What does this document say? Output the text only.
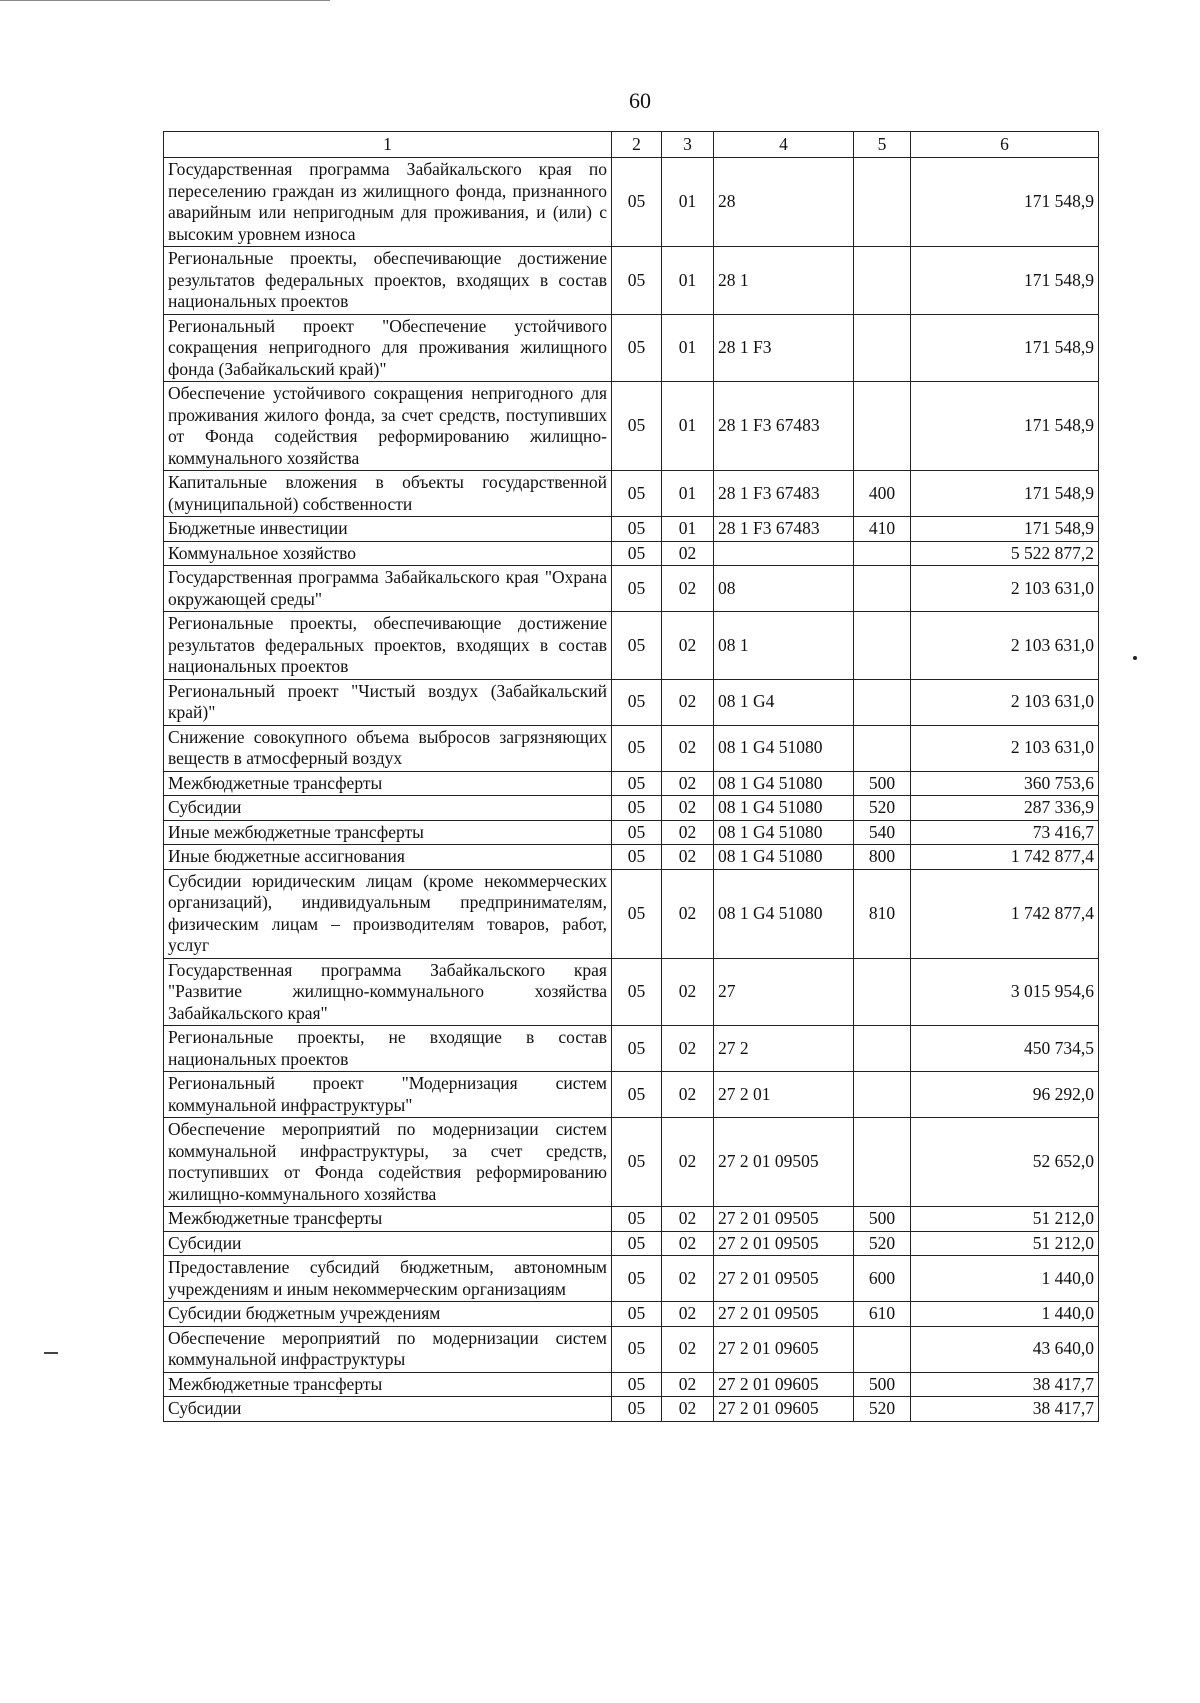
60
1	2	3	4	5	6
Государственная программа Забайкальского края по переселению граждан из жилищного фонда, признанного аварийным или непригодным для проживания, и (или) с высоким уровнем износа	05	01	28		171 548,9
Региональные проекты, обеспечивающие достижение результатов федеральных проектов, входящих в состав национальных проектов	05	01	28 1		171 548,9
Региональный проект "Обеспечение устойчивого сокращения непригодного для проживания жилищного фонда (Забайкальский край)"	05	01	28 1 F3		171 548,9
Обеспечение устойчивого сокращения непригодного для проживания жилого фонда, за счет средств, поступивших от Фонда содействия реформированию жилищно-коммунального хозяйства	05	01	28 1 F3 67483		171 548,9
Капитальные вложения в объекты государственной (муниципальной) собственности	05	01	28 1 F3 67483	400	171 548,9
Бюджетные инвестиции	05	01	28 1 F3 67483	410	171 548,9
Коммунальное хозяйство	05	02			5 522 877,2
Государственная программа Забайкальского края "Охрана окружающей среды"	05	02	08		2 103 631,0
Региональные проекты, обеспечивающие достижение результатов федеральных проектов, входящих в состав национальных проектов	05	02	08 1		2 103 631,0
Региональный проект "Чистый воздух (Забайкальский край)"	05	02	08 1 G4		2 103 631,0
Снижение совокупного объема выбросов загрязняющих веществ в атмосферный воздух	05	02	08 1 G4 51080		2 103 631,0
Межбюджетные трансферты	05	02	08 1 G4 51080	500	360 753,6
Субсидии	05	02	08 1 G4 51080	520	287 336,9
Иные межбюджетные трансферты	05	02	08 1 G4 51080	540	73 416,7
Иные бюджетные ассигнования	05	02	08 1 G4 51080	800	1 742 877,4
Субсидии юридическим лицам (кроме некоммерческих организаций), индивидуальным предпринимателям, физическим лицам – производителям товаров, работ, услуг	05	02	08 1 G4 51080	810	1 742 877,4
Государственная программа Забайкальского края "Развитие жилищно-коммунального хозяйства Забайкальского края"	05	02	27		3 015 954,6
Региональные проекты, не входящие в состав национальных проектов	05	02	27 2		450 734,5
Региональный проект "Модернизация систем коммунальной инфраструктуры"	05	02	27 2 01		96 292,0
Обеспечение мероприятий по модернизации систем коммунальной инфраструктуры, за счет средств, поступивших от Фонда содействия реформированию жилищно-коммунального хозяйства	05	02	27 2 01 09505		52 652,0
Межбюджетные трансферты	05	02	27 2 01 09505	500	51 212,0
Субсидии	05	02	27 2 01 09505	520	51 212,0
Предоставление субсидий бюджетным, автономным учреждениям и иным некоммерческим организациям	05	02	27 2 01 09505	600	1 440,0
Субсидии бюджетным учреждениям	05	02	27 2 01 09505	610	1 440,0
Обеспечение мероприятий по модернизации систем коммунальной инфраструктуры	05	02	27 2 01 09605		43 640,0
Межбюджетные трансферты	05	02	27 2 01 09605	500	38 417,7
Субсидии	05	02	27 2 01 09605	520	38 417,7
